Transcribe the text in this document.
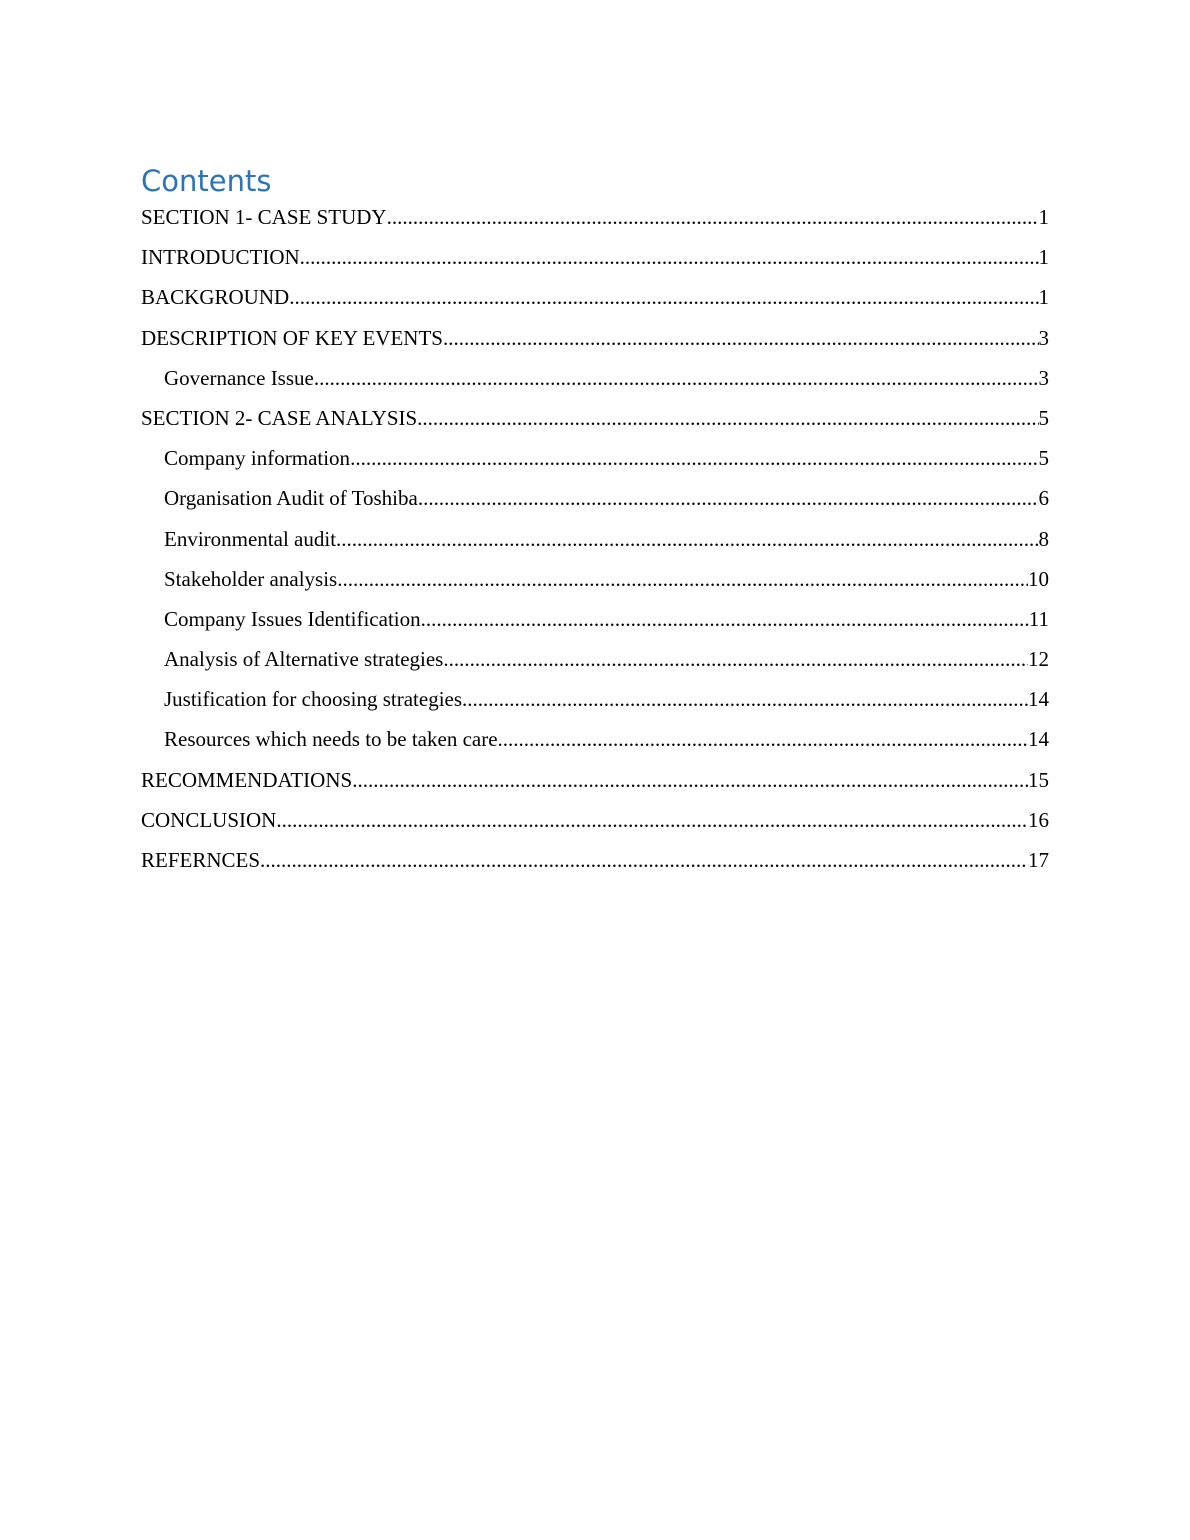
Contents
SECTION 1- CASE STUDY .....	1
INTRODUCTION .....	1
BACKGROUND .....	1
DESCRIPTION OF KEY EVENTS .....	3
Governance Issue .....	3
SECTION 2- CASE ANALYSIS .....	5
Company information .....	5
Organisation Audit of Toshiba .....	6
Environmental audit .....	8
Stakeholder analysis .....	10
Company Issues Identification .....	11
Analysis of Alternative strategies .....	12
Justification for choosing strategies .....	14
Resources which needs to be taken care .....	14
RECOMMENDATIONS .....	15
CONCLUSION .....	16
REFERNCES .....	17
